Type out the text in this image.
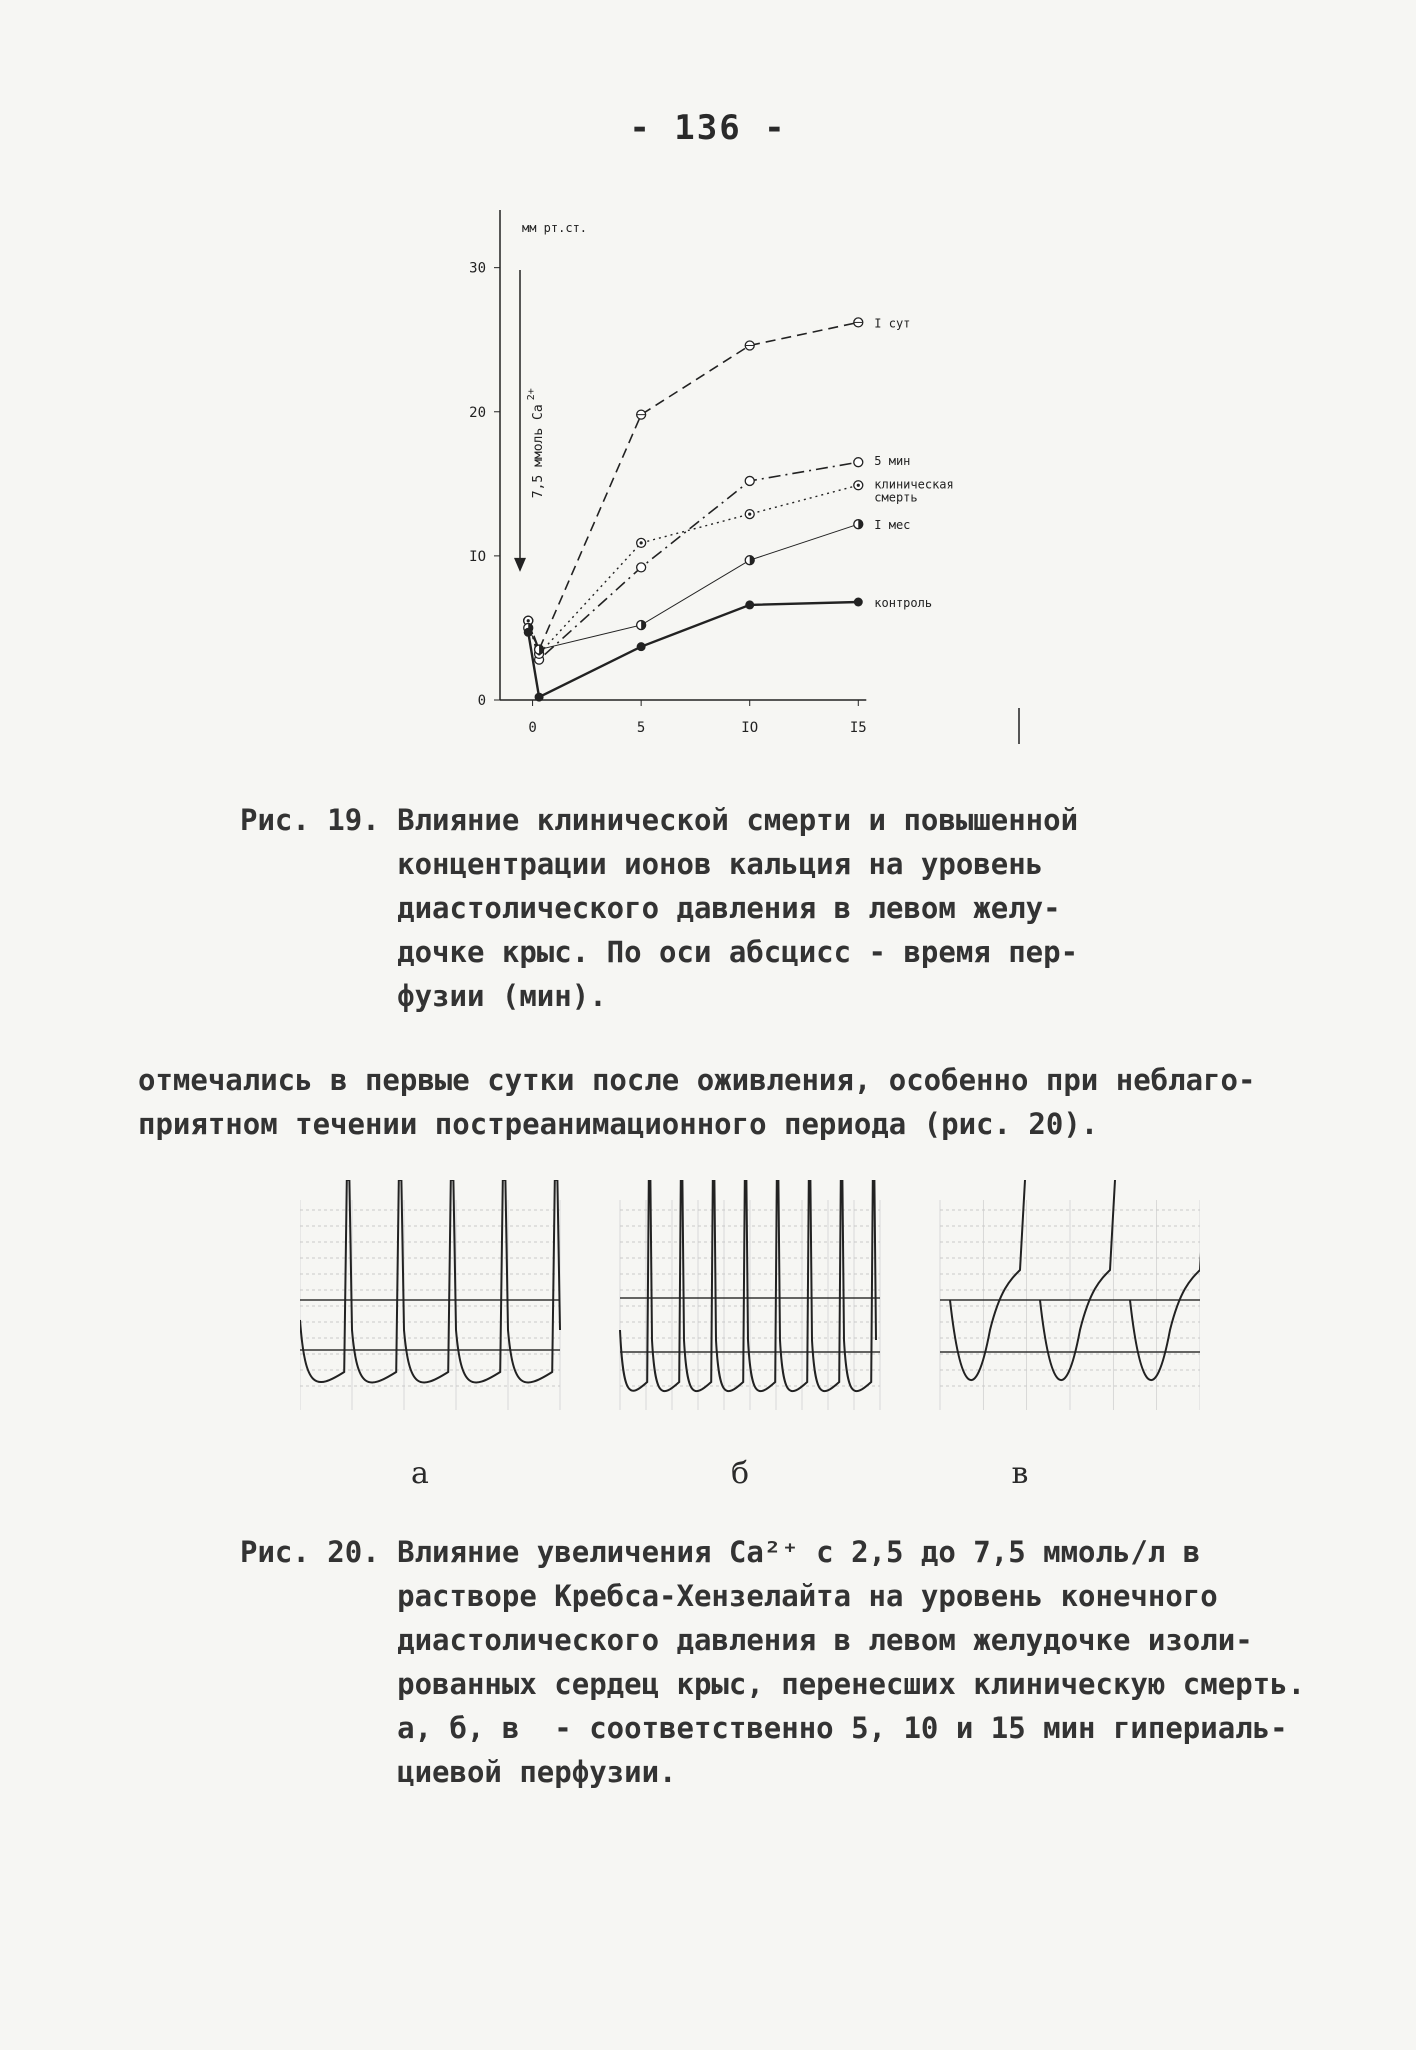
- 136 -
0
IO
20
30
0	5	IO	I5
мм рт.ст.
7,5 ммоль Ca
2+
I сут
5 мин
клиническая
смерть
I мес
контроль
Рис. 19. Влияние клинической смерти и повышенной
концентрации ионов кальция на уровень
диастолического давления в левом желу-
дочке крыс. По оси абсцисс - время пер-
фузии (мин).
отмечались в первые сутки после оживления, особенно при неблаго-
приятном течении постреанимационного периода (рис. 20).
а	б	в
Рис. 20. Влияние увеличения Ca²⁺ с 2,5 до 7,5 ммоль/л в
растворе Кребса-Хензелайта на уровень конечного
диастолического давления в левом желудочке изоли-
рованных сердец крыс, перенесших клиническую смерть.
а, б, в  - соответственно 5, 10 и 15 мин гипериаль-
циевой перфузии.
